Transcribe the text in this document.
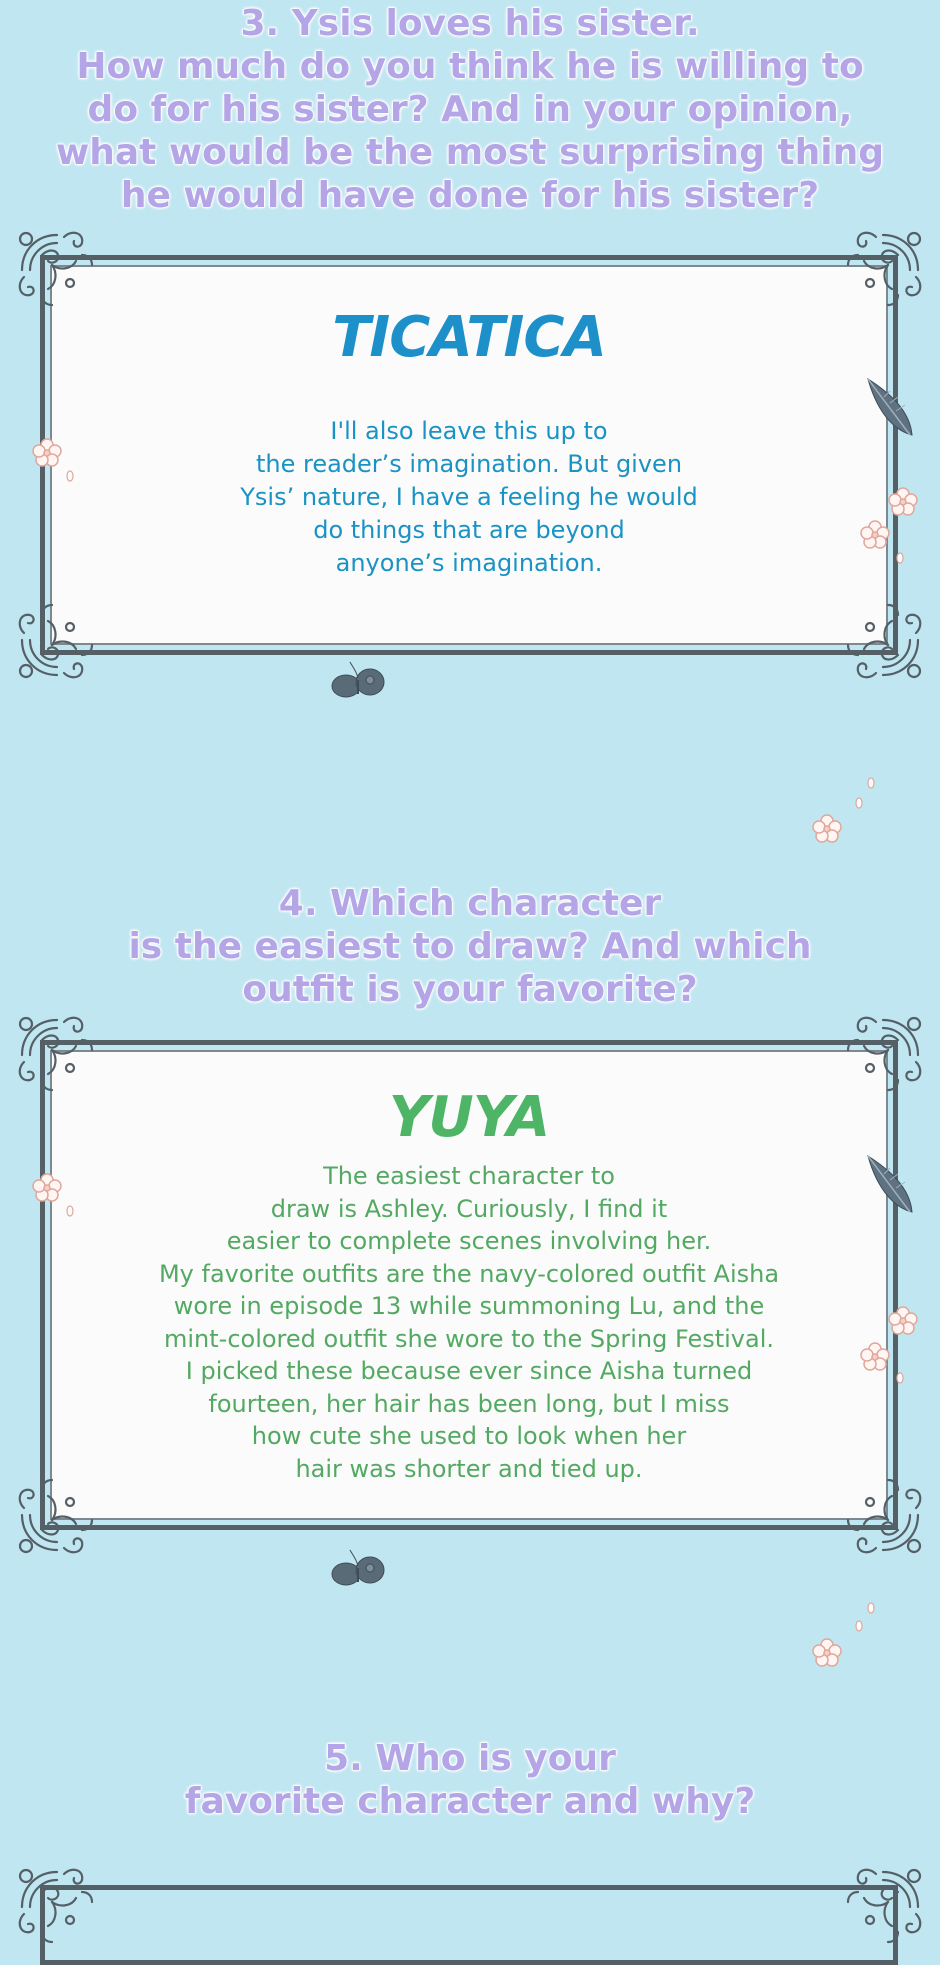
3. Ysis loves his sister.
How much do you think he is willing to
do for his sister? And in your opinion,
what would be the most surprising thing
he would have done for his sister?
TICATICA
I'll also leave this up to
the reader’s imagination. But given
Ysis’ nature, I have a feeling he would
do things that are beyond
anyone’s imagination.
4. Which character
is the easiest to draw? And which
outfit is your favorite?
YUYA
The easiest character to
draw is Ashley. Curiously, I find it
easier to complete scenes involving her.
My favorite outfits are the navy-colored outfit Aisha
wore in episode 13 while summoning Lu, and the
mint-colored outfit she wore to the Spring Festival.
I picked these because ever since Aisha turned
fourteen, her hair has been long, but I miss
how cute she used to look when her
hair was shorter and tied up.
5. Who is your
favorite character and why?
